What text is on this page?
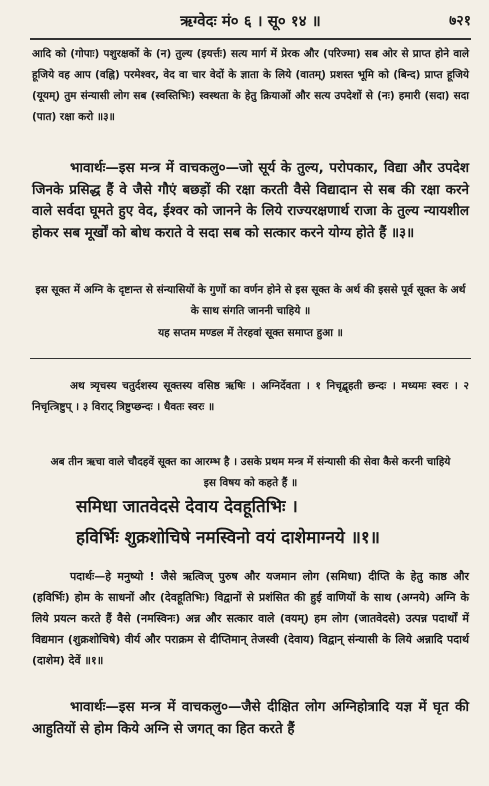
ऋग्वेदः मं० ६ । सू० १४ ॥	७२१

आदि को (गोपाः) पशुरक्षकों के (न) तुल्य (इयर्त्तः) सत्य मार्ग में प्रेरक और (परिज्मा) सब ओर से प्राप्त होने वाले हूजिये वह आप (वह्नि) परमेश्वर, वेद वा चार वेदों के ज्ञाता के लिये (वातम्) प्रशस्त भूमि को (बिन्द) प्राप्त हूजिये (यूयम्) तुम संन्यासी लोग सब (स्वस्तिभिः) स्वस्थता के हेतु क्रियाओं और सत्य उपदेशों से (नः) हमारी (सदा) सदा (पात) रक्षा करो ॥३॥

भावार्थः—इस मन्त्र में वाचकलु०—जो सूर्य के तुल्य, परोपकार, विद्या और उपदेश जिनके प्रसिद्ध हैं वे जैसे गौएं बछड़ों की रक्षा करती वैसे विद्यादान से सब की रक्षा करने वाले सर्वदा घूमते हुए वेद, ईश्वर को जानने के लिये राज्यरक्षणार्थ राजा के तुल्य न्यायशील होकर सब मूर्खों को बोध कराते वे सदा सब को सत्कार करने योग्य होते हैं ॥३॥

इस सूक्त में अग्नि के दृष्टान्त से संन्यासियों के गुणों का वर्णन होने से इस सूक्त के अर्थ की इससे पूर्व सूक्त के अर्थ के साथ संगति जाननी चाहिये ॥

यह सप्तम मण्डल में तेरहवां सूक्त समाप्त हुआ ॥

अथ त्र्यृचस्य चतुर्दशस्य सूक्तस्य वसिष्ठ ऋषिः । अग्निर्देवता । १ निचृद्बृहती छन्दः । मध्यमः स्वरः । २ निचृत्त्रिष्टुप् । ३ विराट् त्रिष्टुप्छन्दः । धैवतः स्वरः ॥

अब तीन ऋचा वाले चौदहवें सूक्त का आरम्भ है । उसके प्रथम मन्त्र में संन्यासी की सेवा कैसे करनी चाहिये इस विषय को कहते हैं ॥

समिधा जातवेदसे देवाय देवहूतिभिः ।

हविर्भिः शुक्रशोचिषे नमस्विनो वयं दाशेमाग्नये ॥१॥

पदार्थः—हे मनुष्यो ! जैसे ऋत्विज् पुरुष और यजमान लोग (समिधा) दीप्ति के हेतु काष्ठ और (हविर्भिः) होम के साधनों और (देवहूतिभिः) विद्वानों से प्रशंसित की हुई वाणियों के साथ (अग्नये) अग्नि के लिये प्रयत्न करते हैं वैसे (नमस्विनः) अन्न और सत्कार वाले (वयम्) हम लोग (जातवेदसे) उत्पन्न पदार्थों में विद्यमान (शुक्रशोचिषे) वीर्य और पराक्रम से दीप्तिमान् तेजस्वी (देवाय) विद्वान् संन्यासी के लिये अन्नादि पदार्थ (दाशेम) देवें ॥१॥

भावार्थः—इस मन्त्र में वाचकलु०—जैसे दीक्षित लोग अग्निहोत्रादि यज्ञ में घृत की आहुतियों से होम किये अग्नि से जगत् का हित करते हैं
